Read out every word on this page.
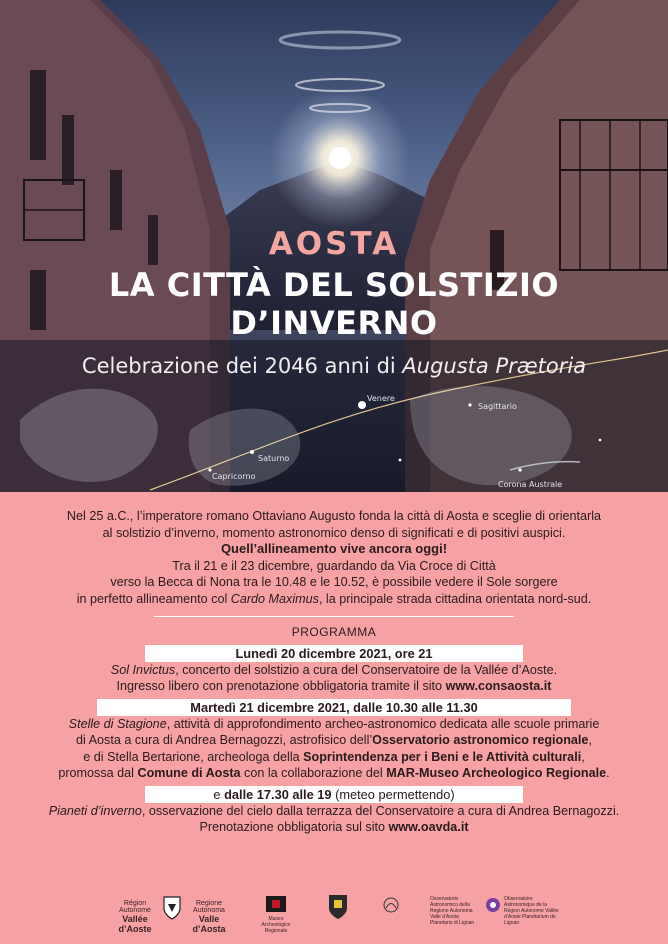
Venere
Sagittario
Saturno
Capricorno
Corona Australe
AOSTA
LA CITTÀ DEL SOLSTIZIO D’INVERNO
Celebrazione dei 2046 anni di Augusta Prætoria

Nel 25 a.C., l’imperatore romano Ottaviano Augusto fonda la città di Aosta e sceglie di orientarla

al solstizio d’inverno, momento astronomico denso di significati e di positivi auspici.

Quell’allineamento vive ancora oggi!

Tra il 21 e il 23 dicembre, guardando da Via Croce di Città

verso la Becca di Nona tra le 10.48 e le 10.52, è possibile vedere il Sole sorgere

in perfetto allineamento col Cardo Maximus, la principale strada cittadina orientata nord-sud.

PROGRAMMA

Lunedì 20 dicembre 2021, ore 21

Sol Invictus, concerto del solstizio a cura del Conservatoire de la Vallée d’Aoste.

Ingresso libero con prenotazione obbligatoria tramite il sito www.consaosta.it

Martedì 21 dicembre 2021, dalle 10.30 alle 11.30

Stelle di Stagione, attività di approfondimento archeo-astronomico dedicata alle scuole primarie

di Aosta a cura di Andrea Bernagozzi, astrofisico dell’Osservatorio astronomico regionale,

e di Stella Bertarione, archeologa della Soprintendenza per i Beni e le Attività culturali,

promossa dal Comune di Aosta con la collaborazione del MAR-Museo Archeologico Regionale.

e dalle 17.30 alle 19 (meteo permettendo)

Pianeti d’inverno, osservazione del cielo dalla terrazza del Conservatoire a cura di Andrea Bernagozzi.

Prenotazione obbligatoria sul sito www.oavda.it

Région Autonome
Vallée d’Aoste
Regione Autonoma
Valle d’Aosta
Museo Archeologico Regionale
Osservatorio Astronomico della Regione Autonoma Valle d’Aosta Planetario di Lignan
Observatoire Astronomique de la Région Autonome Vallée d’Aoste Planétarium de Lignan
